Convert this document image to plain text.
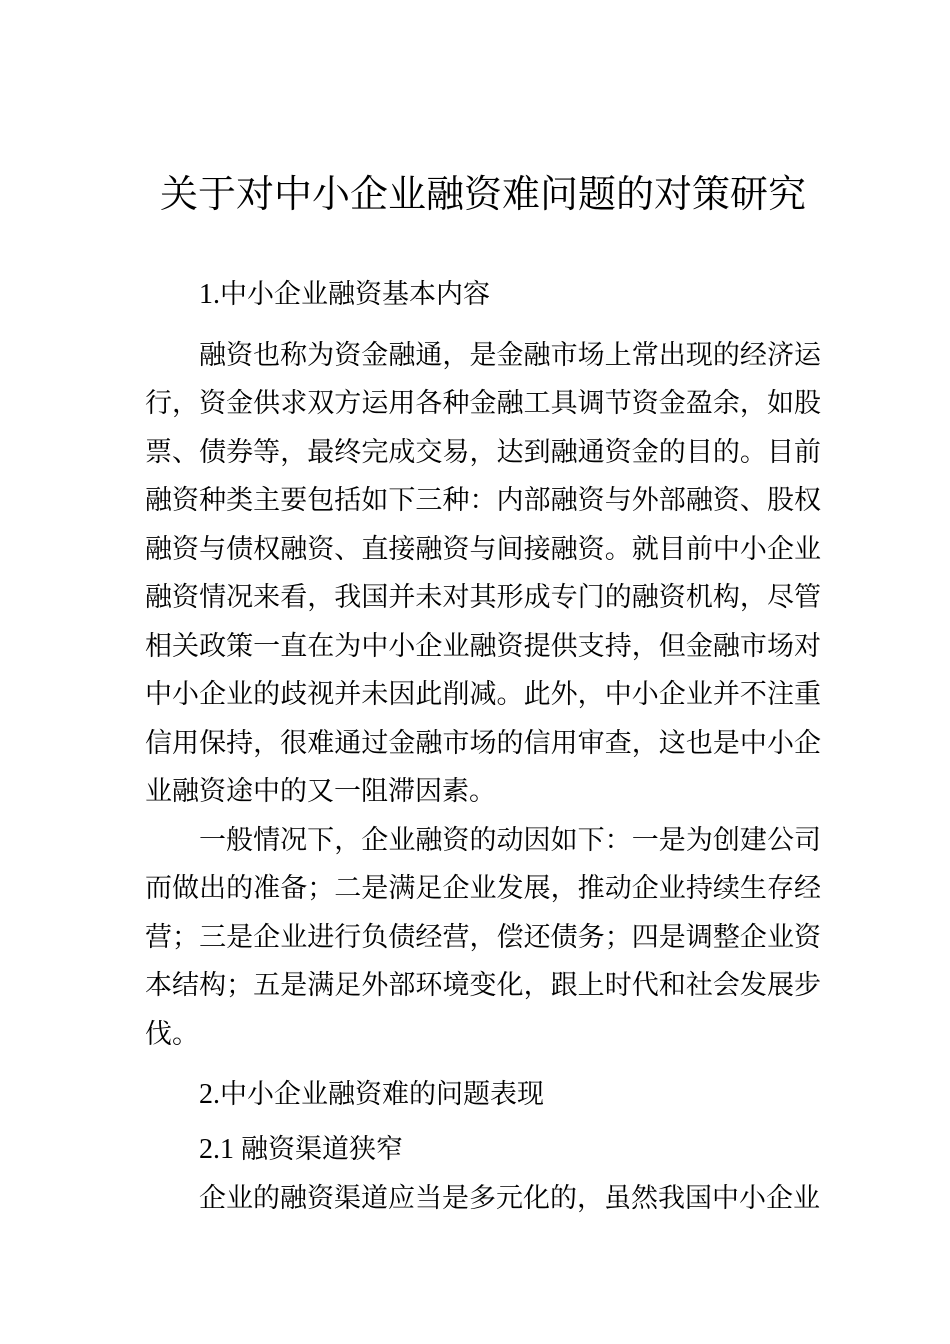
关于对中小企业融资难问题的对策研究
1.中小企业融资基本内容

融资也称为资金融通，是金融市场上常出现的经济运行，资金供求双方运用各种金融工具调节资金盈余，如股票、债券等，最终完成交易，达到融通资金的目的。目前融资种类主要包括如下三种：内部融资与外部融资、股权融资与债权融资、直接融资与间接融资。就目前中小企业融资情况来看，我国并未对其形成专门的融资机构，尽管相关政策一直在为中小企业融资提供支持，但金融市场对中小企业的歧视并未因此削减。此外，中小企业并不注重信用保持，很难通过金融市场的信用审查，这也是中小企业融资途中的又一阻滞因素。

一般情况下，企业融资的动因如下：一是为创建公司而做出的准备；二是满足企业发展，推动企业持续生存经营；三是企业进行负债经营，偿还债务；四是调整企业资本结构；五是满足外部环境变化，跟上时代和社会发展步伐。

2.中小企业融资难的问题表现
2.1 融资渠道狭窄

企业的融资渠道应当是多元化的，虽然我国中小企业
